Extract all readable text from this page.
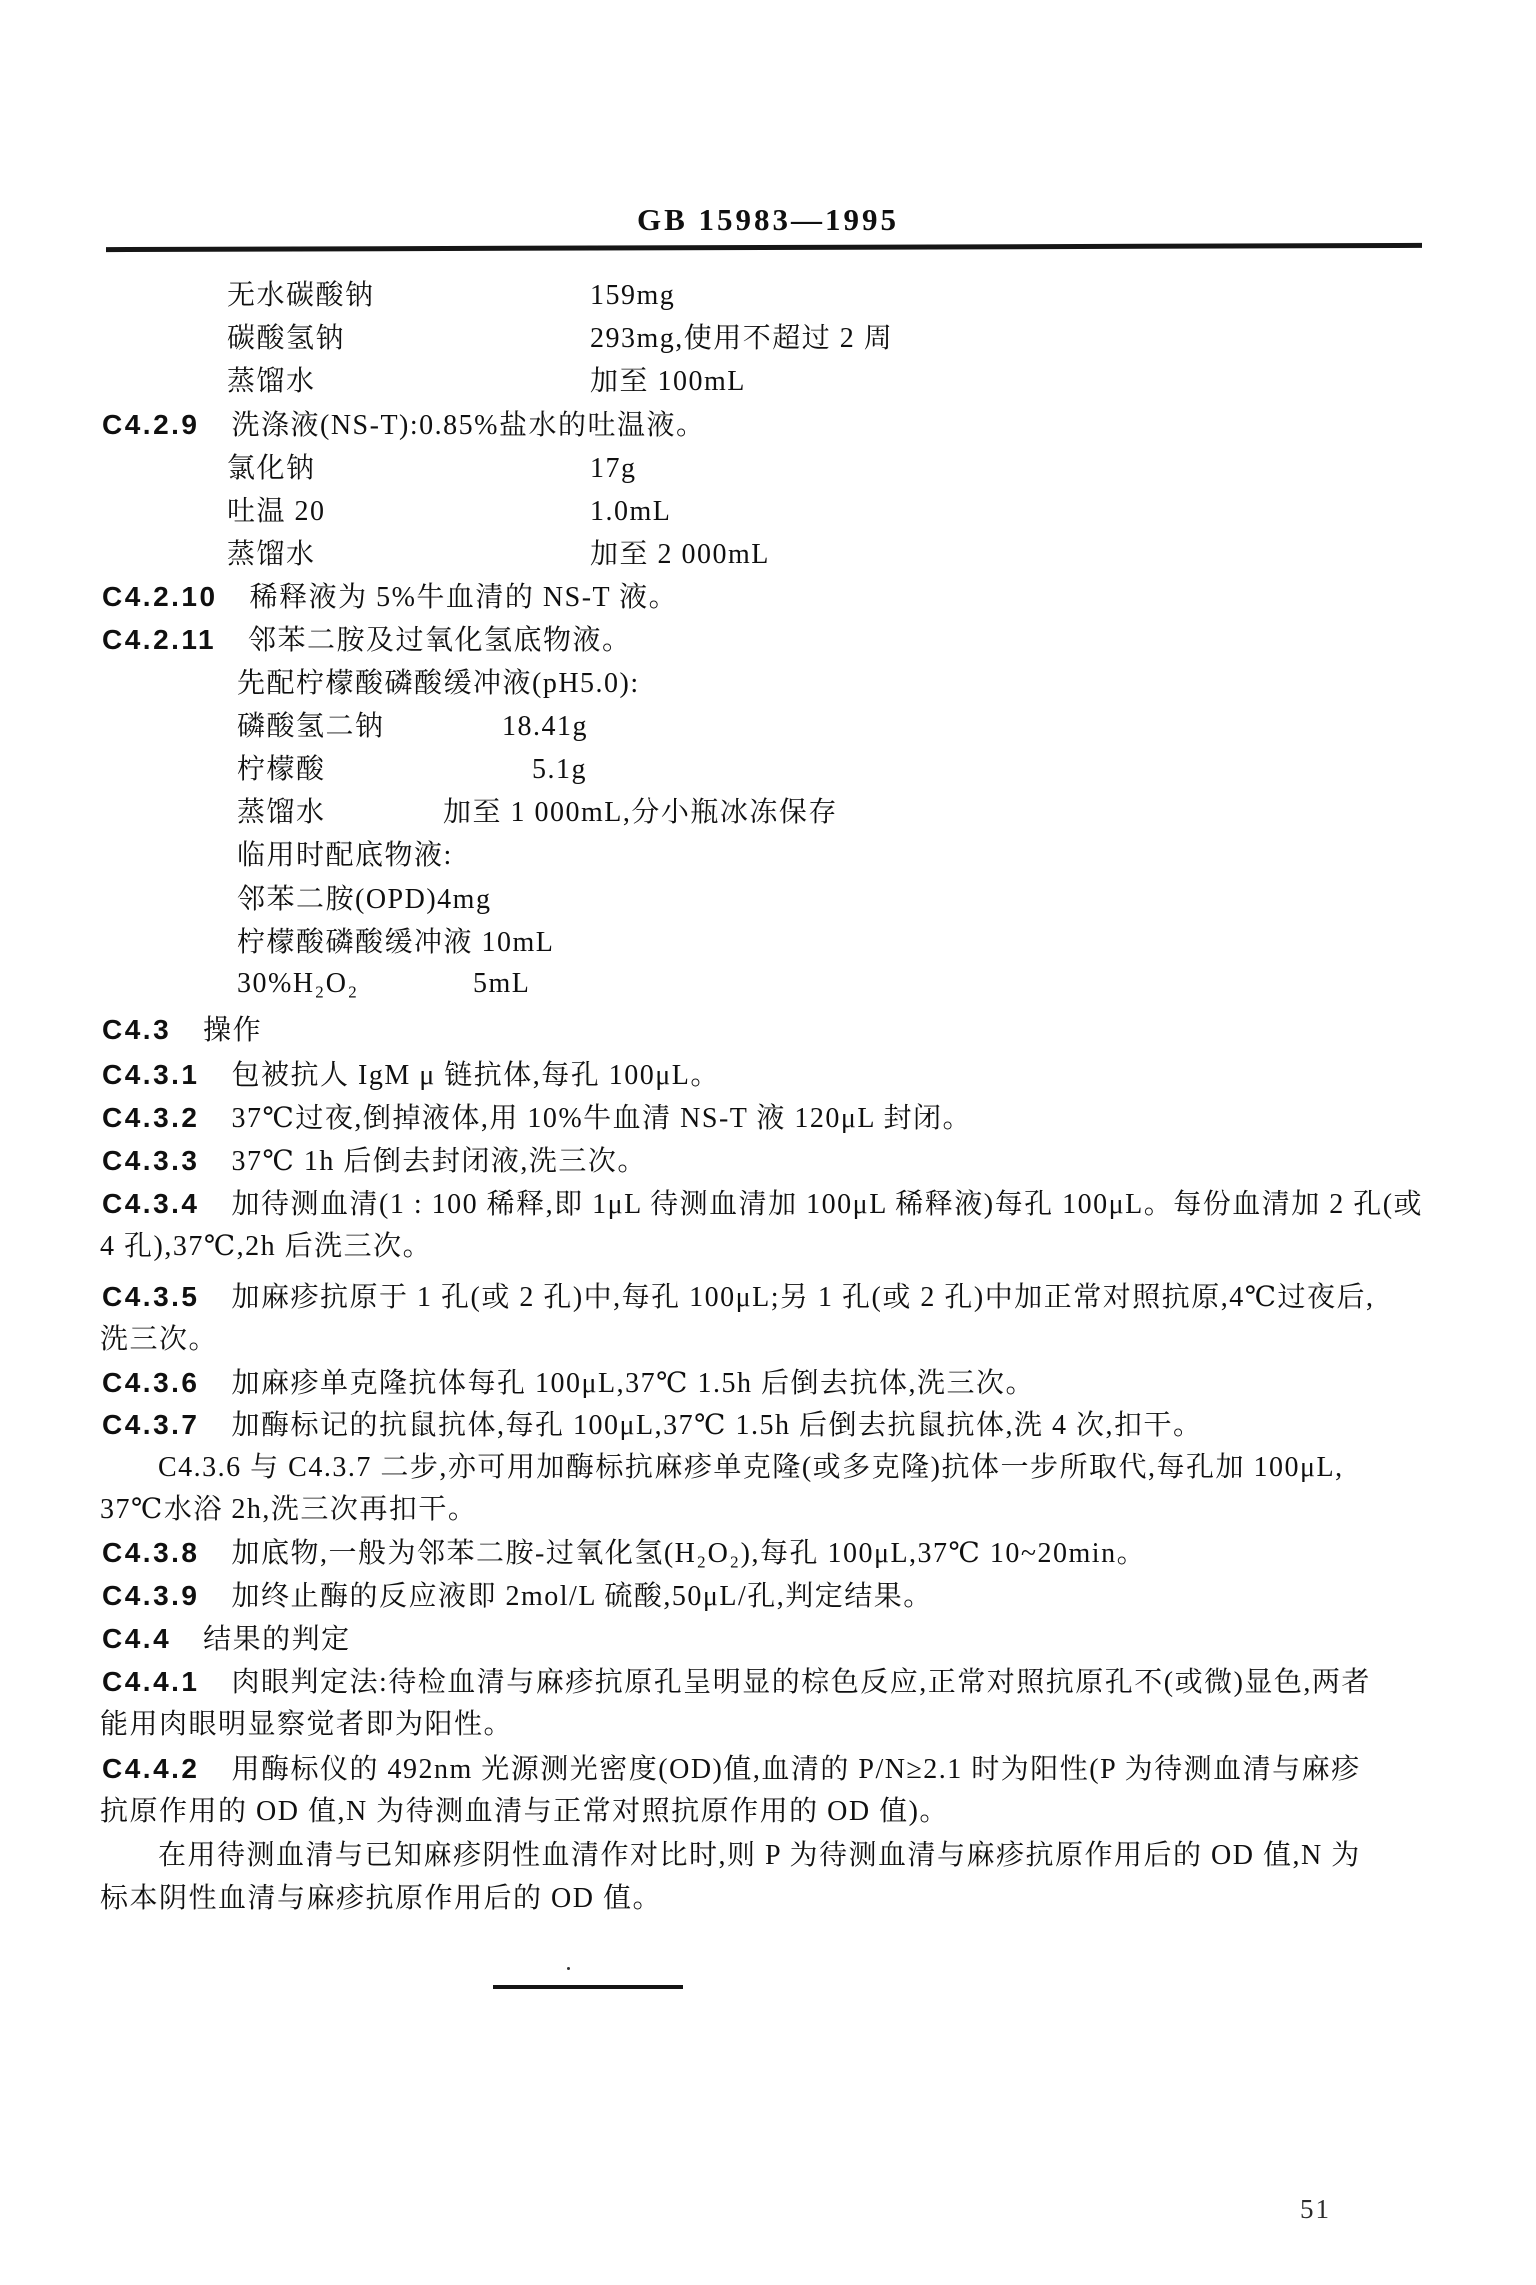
GB 15983—1995
无水碳酸钠	159mg
碳酸氢钠	293mg,使用不超过 2 周
蒸馏水	加至 100mL
C4.2.9 洗涤液(NS-T):0.85%盐水的吐温液。
氯化钠	17g
吐温 20	1.0mL
蒸馏水	加至 2 000mL
C4.2.10 稀释液为 5%牛血清的 NS-T 液。
C4.2.11 邻苯二胺及过氧化氢底物液。
先配柠檬酸磷酸缓冲液(pH5.0):
磷酸氢二钠	18.41g
柠檬酸	5.1g
蒸馏水	加至 1 000mL,分小瓶冰冻保存
临用时配底物液:
邻苯二胺(OPD)4mg
柠檬酸磷酸缓冲液 10mL
30%H₂O₂	5mL
C4.3 操作
C4.3.1 包被抗人 IgM μ 链抗体,每孔 100μL。
C4.3.2 37℃过夜,倒掉液体,用 10%牛血清 NS-T 液 120μL 封闭。
C4.3.3 37℃ 1h 后倒去封闭液,洗三次。
C4.3.4 加待测血清(1 : 100 稀释,即 1μL 待测血清加 100μL 稀释液)每孔 100μL。每份血清加 2 孔(或
4 孔),37℃,2h 后洗三次。
C4.3.5 加麻疹抗原于 1 孔(或 2 孔)中,每孔 100μL;另 1 孔(或 2 孔)中加正常对照抗原,4℃过夜后,
洗三次。
C4.3.6 加麻疹单克隆抗体每孔 100μL,37℃ 1.5h 后倒去抗体,洗三次。
C4.3.7 加酶标记的抗鼠抗体,每孔 100μL,37℃ 1.5h 后倒去抗鼠抗体,洗 4 次,扣干。
C4.3.6 与 C4.3.7 二步,亦可用加酶标抗麻疹单克隆(或多克隆)抗体一步所取代,每孔加 100μL,
37℃水浴 2h,洗三次再扣干。
C4.3.8 加底物,一般为邻苯二胺-过氧化氢(H₂O₂),每孔 100μL,37℃ 10~20min。
C4.3.9 加终止酶的反应液即 2mol/L 硫酸,50μL/孔,判定结果。
C4.4 结果的判定
C4.4.1 肉眼判定法:待检血清与麻疹抗原孔呈明显的棕色反应,正常对照抗原孔不(或微)显色,两者
能用肉眼明显察觉者即为阳性。
C4.4.2 用酶标仪的 492nm 光源测光密度(OD)值,血清的 P/N≥2.1 时为阳性(P 为待测血清与麻疹
抗原作用的 OD 值,N 为待测血清与正常对照抗原作用的 OD 值)。
在用待测血清与已知麻疹阴性血清作对比时,则 P 为待测血清与麻疹抗原作用后的 OD 值,N 为
标本阴性血清与麻疹抗原作用后的 OD 值。
51
